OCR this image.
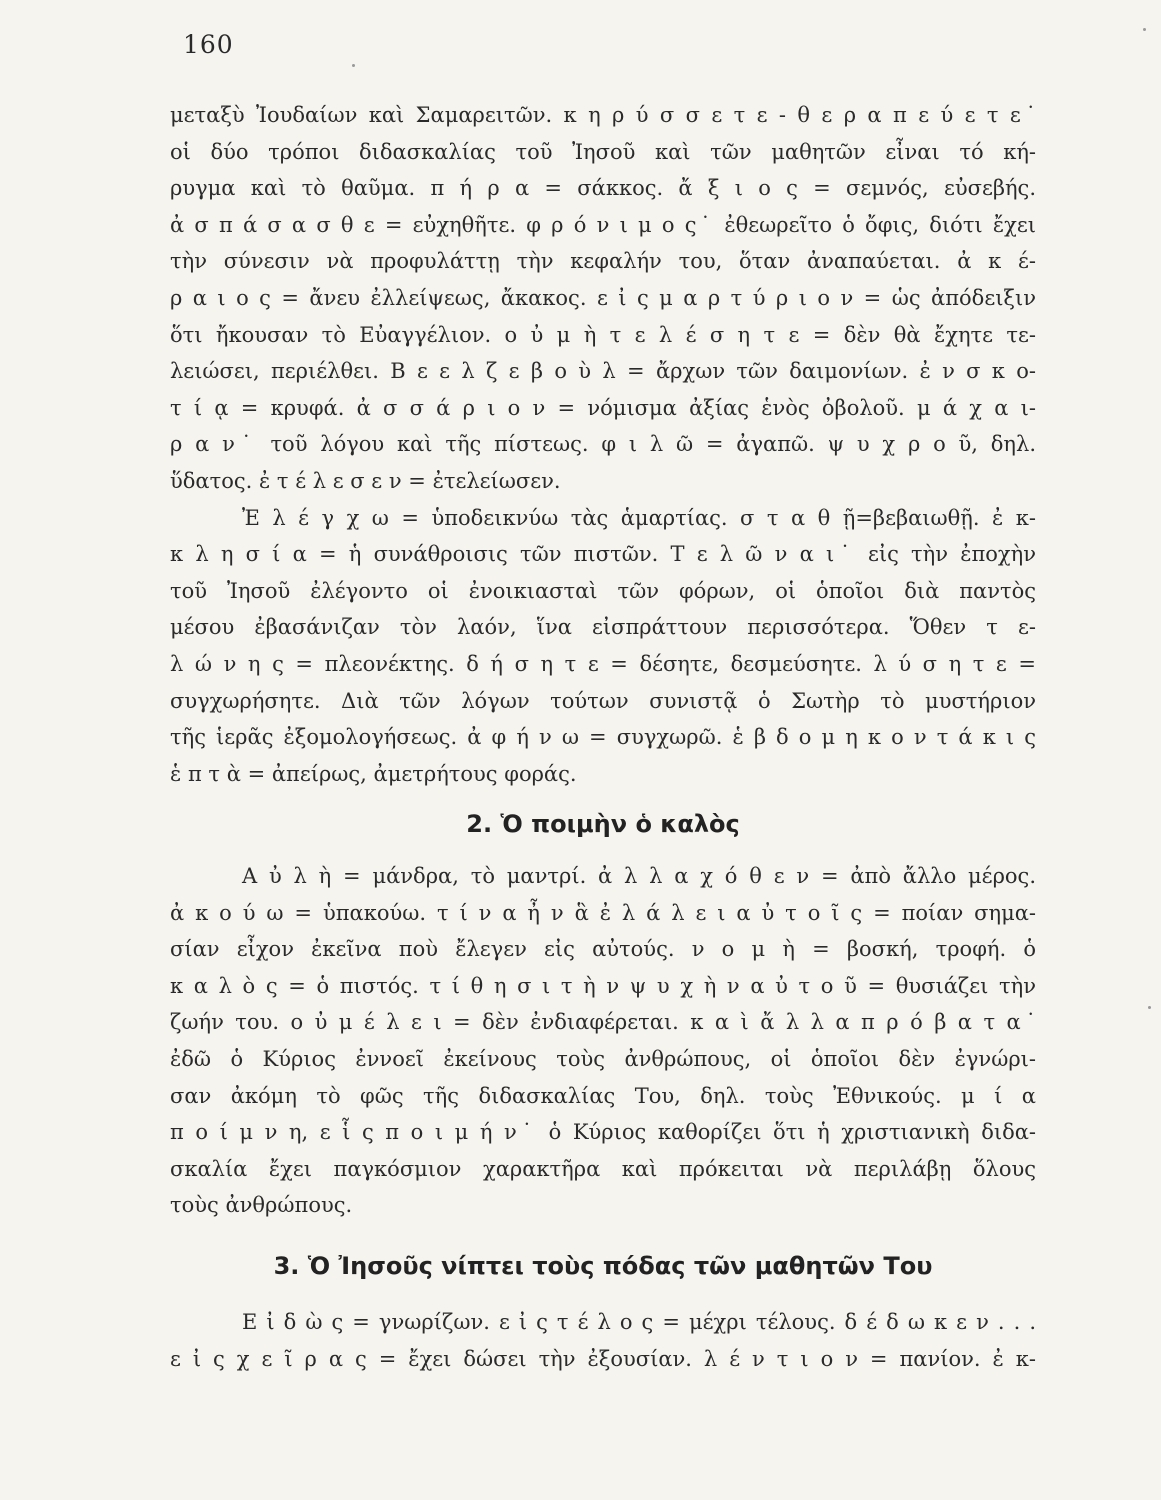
160
μεταξὺ Ἰουδαίων καὶ Σαμαρειτῶν. κ η ρ ύ σ σ ε τ ε - θ ε ρ α π ε ύ ε τ ε˙
οἱ δύο τρόποι διδασκαλίας τοῦ Ἰησοῦ καὶ τῶν μαθητῶν εἶναι τό κή-
ρυγμα καὶ τὸ θαῦμα. π ή ρ α = σάκκος. ἄ ξ ι ο ς = σεμνός, εὐσεβής.
ἀ σ π ά σ α σ θ ε = εὐχηθῆτε. φ ρ ό ν ι μ ο ς˙ ἐθεωρεῖτο ὁ ὄφις, διότι ἔχει
τὴν σύνεσιν νὰ προφυλάττῃ τὴν κεφαλήν του, ὅταν ἀναπαύεται. ἀ κ έ-
ρ α ι ο ς = ἄνευ ἐλλείψεως, ἄκακος. ε ἰ ς μ α ρ τ ύ ρ ι ο ν = ὡς ἀπόδειξιν
ὅτι ἤκουσαν τὸ Εὐαγγέλιον. ο ὐ μ ὴ τ ε λ έ σ η τ ε = δὲν θὰ ἔχητε τε-
λειώσει, περιέλθει. Β ε ε λ ζ ε β ο ὺ λ = ἄρχων τῶν δαιμονίων. ἐ ν σ κ ο-
τ ί ᾳ = κρυφά. ἀ σ σ ά ρ ι ο ν = νόμισμα ἀξίας ἑνὸς ὀβολοῦ. μ ά χ α ι-
ρ α ν˙ τοῦ λόγου καὶ τῆς πίστεως. φ ι λ ῶ = ἀγαπῶ. ψ υ χ ρ ο ῦ, δηλ.
ὕδατος. ἐ τ έ λ ε σ ε ν = ἐτελείωσεν.
Ἐ λ έ γ χ ω = ὑποδεικνύω τὰς ἁμαρτίας. σ τ α θ ῇ=βεβαιωθῇ. ἐ κ-
κ λ η σ ί α = ἡ συνάθροισις τῶν πιστῶν. Τ ε λ ῶ ν α ι˙ εἰς τὴν ἐποχὴν
τοῦ Ἰησοῦ ἐλέγοντο οἱ ἐνοικιασταὶ τῶν φόρων, οἱ ὁποῖοι διὰ παντὸς
μέσου ἐβασάνιζαν τὸν λαόν, ἵνα εἰσπράττουν περισσότερα. Ὅθεν τ ε-
λ ώ ν η ς = πλεονέκτης. δ ή σ η τ ε = δέσητε, δεσμεύσητε. λ ύ σ η τ ε =
συγχωρήσητε. Διὰ τῶν λόγων τούτων συνιστᾷ ὁ Σωτὴρ τὸ μυστήριον
τῆς ἱερᾶς ἐξομολογήσεως. ἀ φ ή ν ω = συγχωρῶ. ἑ β δ ο μ η κ ο ν τ ά κ ι ς
ἑ π τ ὰ = ἀπείρως, ἀμετρήτους φοράς.
2. Ὁ ποιμὴν ὁ καλὸς
Α ὐ λ ὴ = μάνδρα, τὸ μαντρί. ἀ λ λ α χ ό θ ε ν = ἀπὸ ἄλλο μέρος.
ἀ κ ο ύ ω = ὑπακούω. τ ί ν α ἦ ν ἃ ἐ λ ά λ ε ι α ὐ τ ο ῖ ς = ποίαν σημα-
σίαν εἶχον ἐκεῖνα ποὺ ἔλεγεν εἰς αὐτούς. ν ο μ ὴ = βοσκή, τροφή. ὁ
κ α λ ὸ ς = ὁ πιστός. τ ί θ η σ ι τ ὴ ν ψ υ χ ὴ ν α ὐ τ ο ῦ = θυσιάζει τὴν
ζωήν του. ο ὐ μ έ λ ε ι = δὲν ἐνδιαφέρεται. κ α ὶ ἄ λ λ α π ρ ό β α τ α˙
ἐδῶ ὁ Κύριος ἐννοεῖ ἐκείνους τοὺς ἀνθρώπους, οἱ ὁποῖοι δὲν ἐγνώρι-
σαν ἀκόμη τὸ φῶς τῆς διδασκαλίας Του, δηλ. τοὺς Ἐθνικούς. μ ί α
π ο ί μ ν η, ε ἷ ς π ο ι μ ή ν˙ ὁ Κύριος καθορίζει ὅτι ἡ χριστιανικὴ διδα-
σκαλία ἔχει παγκόσμιον χαρακτῆρα καὶ πρόκειται νὰ περιλάβῃ ὅλους
τοὺς ἀνθρώπους.
3. Ὁ Ἰησοῦς νίπτει τοὺς πόδας τῶν μαθητῶν Του
Ε ἰ δ ὼ ς = γνωρίζων. ε ἰ ς τ έ λ ο ς = μέχρι τέλους. δ έ δ ω κ ε ν . . .
ε ἰ ς χ ε ῖ ρ α ς = ἔχει δώσει τὴν ἐξουσίαν. λ έ ν τ ι ο ν = πανίον. ἐ κ-
